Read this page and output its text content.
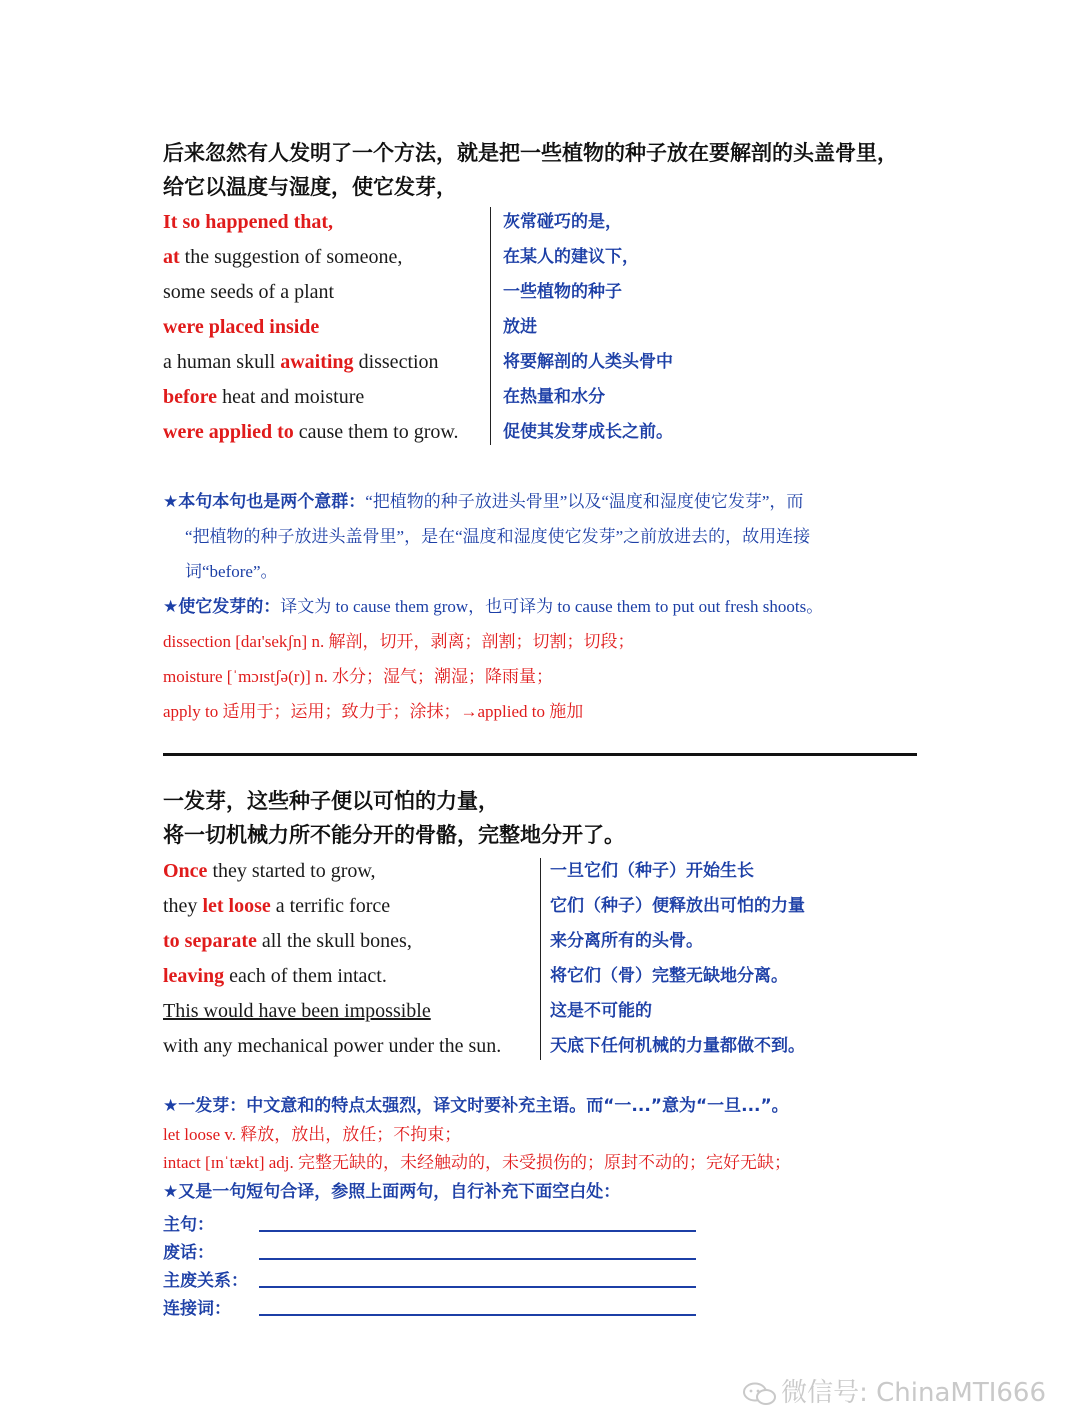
后来忽然有人发明了一个方法，就是把一些植物的种子放在要解剖的头盖骨里，
给它以温度与湿度，使它发芽，
It so happened that,
at the suggestion of someone,
some seeds of a plant
were placed inside
a human skull awaiting dissection
before heat and moisture
were applied to cause them to grow.
灰常碰巧的是，
在某人的建议下，
一些植物的种子
放进
将要解剖的人类头骨中
在热量和水分
促使其发芽成长之前。
★本句本句也是两个意群：“把植物的种子放进头骨里”以及“温度和湿度使它发芽”，而
“把植物的种子放进头盖骨里”，是在“温度和湿度使它发芽”之前放进去的，故用连接
词“before”。
★使它发芽的：译文为 to cause them grow，也可译为 to cause them to put out fresh shoots。
dissection [daɪ'sekʃn] n. 解剖，切开，剥离；剖割；切割；切段；
moisture [ˈmɔɪstʃə(r)] n. 水分；湿气；潮湿；降雨量；
apply to 适用于；运用；致力于；涂抹；→applied to 施加
一发芽，这些种子便以可怕的力量，
将一切机械力所不能分开的骨骼，完整地分开了。
Once they started to grow,
they let loose a terrific force
to separate all the skull bones,
leaving each of them intact.
This would have been impossible
with any mechanical power under the sun.
一旦它们（种子）开始生长
它们（种子）便释放出可怕的力量
来分离所有的头骨。
将它们（骨）完整无缺地分离。
这是不可能的
天底下任何机械的力量都做不到。
★一发芽：中文意和的特点太强烈，译文时要补充主语。而“一...”意为“一旦...”。
let loose v. 释放，放出，放任；不拘束；
intact [ɪnˈtækt] adj. 完整无缺的，未经触动的，未受损伤的；原封不动的；完好无缺；
★又是一句短句合译，参照上面两句，自行补充下面空白处：
主句：
废话：
主废关系：
连接词：
微信号: ChinaMTI666
